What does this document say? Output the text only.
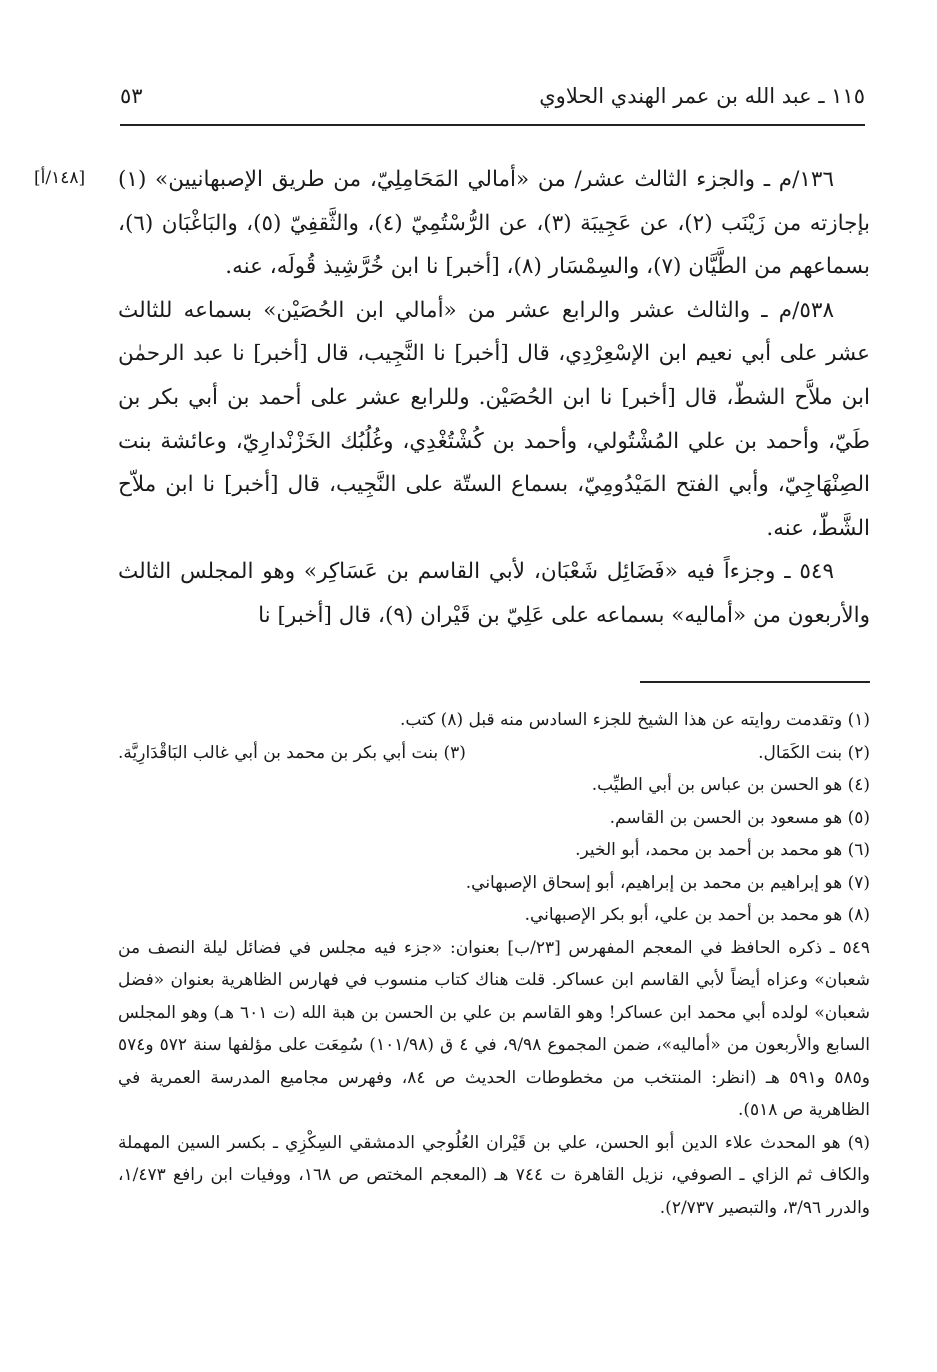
١١٥ ـ عبد الله بن عمر الهندي الحلاوي
٥٣
[١٤٨/أ] ١٣٦/م ـ والجزء الثالث عشر/ من «أمالي المَحَامِلِيّ، من طريق الإصبهانيين» (١) بإجازته من زَيْنَب (٢)، عن عَجِيبَة (٣)، عن الرُّسْتُمِيّ (٤)، والثَّقفِيّ (٥)، والبَاغْبَان (٦)، بسماعهم من الطَّيَّان (٧)، والسِمْسَار (٨)، [أخبر] نا ابن خُرَّشِيذ قُولَه، عنه.

٥٣٨/م ـ والثالث عشر والرابع عشر من «أمالي ابن الحُصَيْن» بسماعه للثالث عشر على أبي نعيم ابن الإسْعِرْدِي، قال [أخبر] نا النَّجِيب، قال [أخبر] نا عبد الرحمٰن ابن ملاَّح الشطّ، قال [أخبر] نا ابن الحُصَيْن. وللرابع عشر على أحمد بن أبي بكر بن طَيّ، وأحمد بن علي المُشْتُولي، وأحمد بن كُشْتُغْدِي، وغُلُبُك الخَزْنْدارِيّ، وعائشة بنت الصِنْهَاجِيّ، وأبي الفتح المَيْدُومِيّ، بسماع الستّة على النَّجِيب، قال [أخبر] نا ابن ملاّح الشَّطّ، عنه.

٥٤٩ ـ وجزءاً فيه «فَضَائِل شَعْبَان، لأبي القاسم بن عَسَاكِر» وهو المجلس الثالث والأربعون من «أماليه» بسماعه على عَلِيّ بن قَيْران (٩)، قال [أخبر] نا

(١) وتقدمت روايته عن هذا الشيخ للجزء السادس منه قبل (٨) كتب.

(٢) بنت الكَمَال.
(٣) بنت أبي بكر بن محمد بن أبي غالب البَاقْدَارِيَّة.

(٤) هو الحسن بن عباس بن أبي الطيِّب.

(٥) هو مسعود بن الحسن بن القاسم.

(٦) هو محمد بن أحمد بن محمد، أبو الخير.

(٧) هو إبراهيم بن محمد بن إبراهيم، أبو إسحاق الإصبهاني.

(٨) هو محمد بن أحمد بن علي، أبو بكر الإصبهاني.

٥٤٩ ـ ذكره الحافظ في المعجم المفهرس [٢٣/ب] بعنوان: «جزء فيه مجلس في فضائل ليلة النصف من شعبان» وعزاه أيضاً لأبي القاسم ابن عساكر. قلت هناك كتاب منسوب في فهارس الظاهرية بعنوان «فضل شعبان» لولده أبي محمد ابن عساكر! وهو القاسم بن علي بن الحسن بن هبة الله (ت ٦٠١ هـ) وهو المجلس السابع والأربعون من «أماليه»، ضمن المجموع ٩/٩٨، في ٤ ق (١٠١/٩٨) سُمِعَت على مؤلفها سنة ٥٧٢ و٥٧٤ و٥٨٥ و٥٩١ هـ (انظر: المنتخب من مخطوطات الحديث ص ٨٤، وفهرس مجاميع المدرسة العمرية في الظاهرية ص ٥١٨).

(٩) هو المحدث علاء الدين أبو الحسن، علي بن قَيْران العُلُوجي الدمشقي السِكْزِي ـ بكسر السين المهملة والكاف ثم الزاي ـ الصوفي، نزيل القاهرة ت ٧٤٤ هـ (المعجم المختص ص ١٦٨، ووفيات ابن رافع ١/٤٧٣، والدرر ٣/٩٦، والتبصير ٢/٧٣٧).
